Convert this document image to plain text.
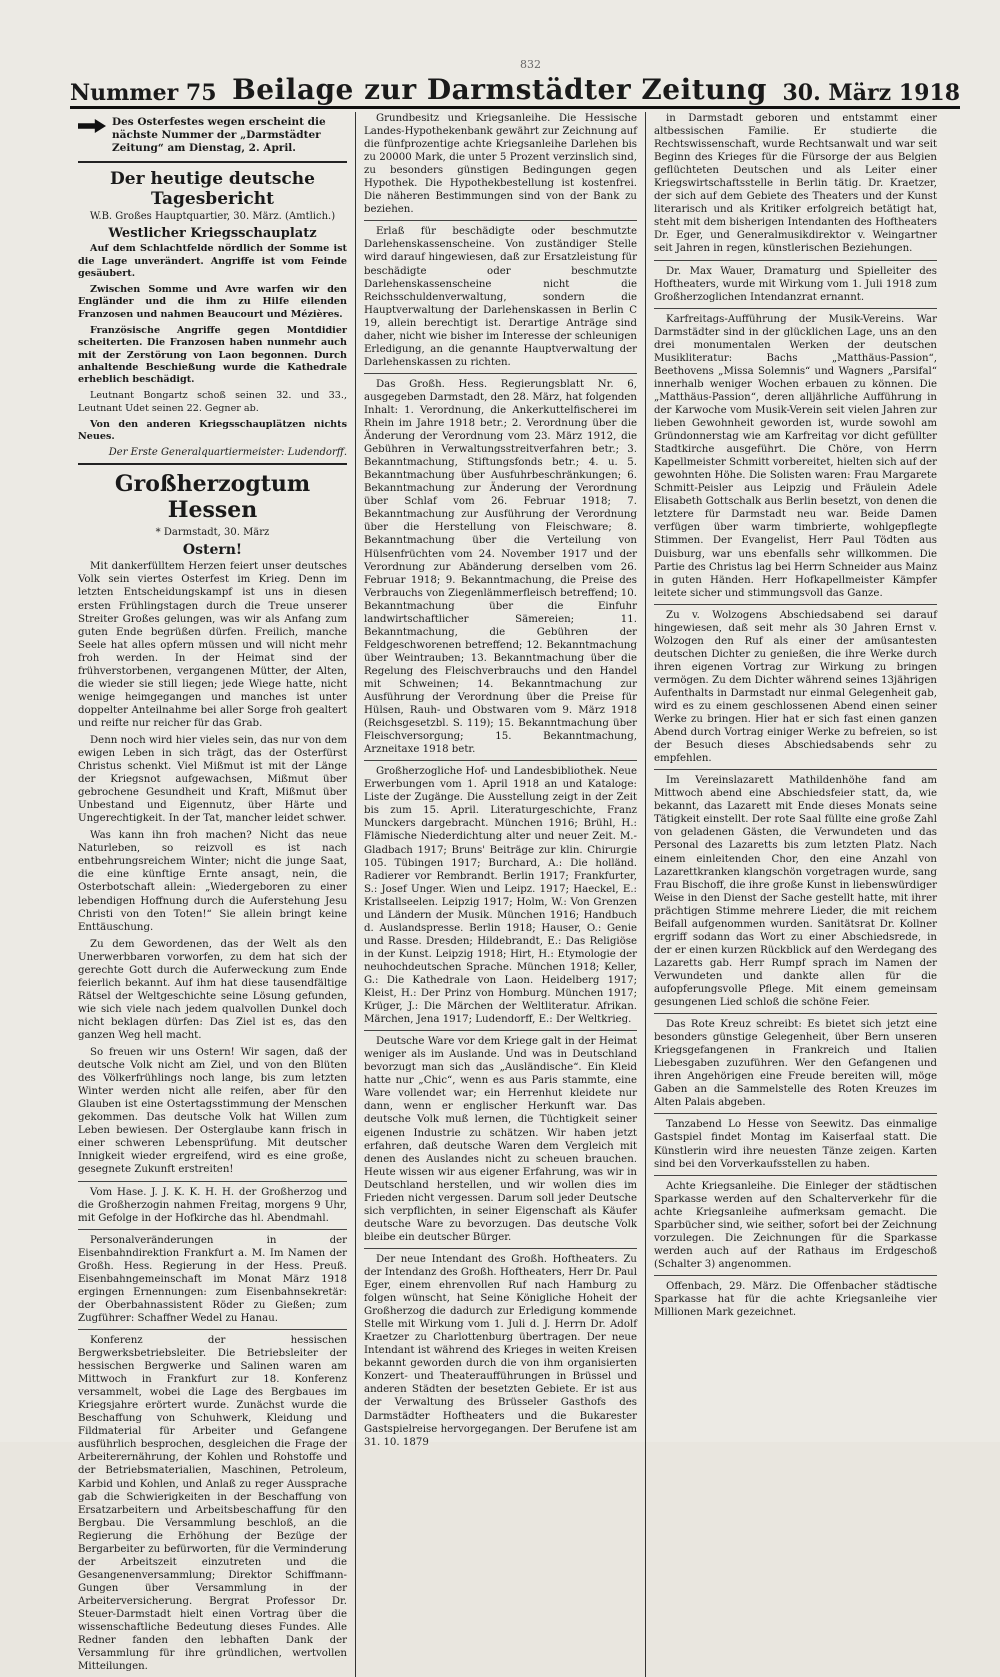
832
Nummer 75 Beilage zur Darmstädter Zeitung 30. März 1918
Des Osterfestes wegen erscheint die nächste Nummer der „Darmstädter Zeitung“ am Dienstag, 2. April.
Der heutige deutsche Tagesbericht
W.B. Großes Hauptquartier, 30. März. (Amtlich.)
Westlicher Kriegsschauplatz

Auf dem Schlachtfelde nördlich der Somme ist die Lage unverändert. Angriffe ist vom Feinde gesäubert.

Zwischen Somme und Avre warfen wir den Engländer und die ihm zu Hilfe eilenden Franzosen und nahmen Beaucourt und Mézières.

Französische Angriffe gegen Montdidier scheiterten. Die Franzosen haben nunmehr auch mit der Zerstörung von Laon begonnen. Durch anhaltende Beschießung wurde die Kathedrale erheblich beschädigt.

Leutnant Bongartz schoß seinen 32. und 33., Leutnant Udet seinen 22. Gegner ab.

Von den anderen Kriegsschauplätzen nichts Neues.

Der Erste Generalquartiermeister: Ludendorff.
Großherzogtum Hessen
* Darmstadt, 30. März
Ostern!

Mit dankerfülltem Herzen feiert unser deutsches Volk sein viertes Osterfest im Krieg. Denn im letzten Entscheidungskampf ist uns in diesen ersten Frühlingstagen durch die Treue unserer Streiter Großes gelungen, was wir als Anfang zum guten Ende begrüßen dürfen. Freilich, manche Seele hat alles opfern müssen und will nicht mehr froh werden. In der Heimat sind der frühverstorbenen, vergangenen Mütter, der Alten, die wieder sie still liegen; jede Wiege hatte, nicht wenige heimgegangen und manches ist unter doppelter Anteilnahme bei aller Sorge froh gealtert und reifte nur reicher für das Grab.

Denn noch wird hier vieles sein, das nur von dem ewigen Leben in sich trägt, das der Osterfürst Christus schenkt. Viel Mißmut ist mit der Länge der Kriegsnot aufgewachsen, Mißmut über gebrochene Gesundheit und Kraft, Mißmut über Unbestand und Eigennutz, über Härte und Ungerechtigkeit. In der Tat, mancher leidet schwer.

Was kann ihn froh machen? Nicht das neue Naturleben, so reizvoll es ist nach entbehrungsreichem Winter; nicht die junge Saat, die eine künftige Ernte ansagt, nein, die Osterbotschaft allein: „Wiedergeboren zu einer lebendigen Hoffnung durch die Auferstehung Jesu Christi von den Toten!“ Sie allein bringt keine Enttäuschung.

Zu dem Gewordenen, das der Welt als den Unerwerbbaren vorworfen, zu dem hat sich der gerechte Gott durch die Auferweckung zum Ende feierlich bekannt. Auf ihm hat diese tausendfältige Rätsel der Weltgeschichte seine Lösung gefunden, wie sich viele nach jedem qualvollen Dunkel doch nicht beklagen dürfen: Das Ziel ist es, das den ganzen Weg hell macht.

So freuen wir uns Ostern! Wir sagen, daß der deutsche Volk nicht am Ziel, und von den Blüten des Völkerfrühlings noch lange, bis zum letzten Winter werden nicht alle reifen, aber für den Glauben ist eine Ostertagsstimmung der Menschen gekommen. Das deutsche Volk hat Willen zum Leben bewiesen. Der Osterglaube kann frisch in einer schweren Lebensprüfung. Mit deutscher Innigkeit wieder ergreifend, wird es eine große, gesegnete Zukunft erstreiten!

Vom Hase. J. J. K. K. H. H. der Großherzog und die Großherzogin nahmen Freitag, morgens 9 Uhr, mit Gefolge in der Hofkirche das hl. Abendmahl.

Personalveränderungen in der Eisenbahndirektion Frankfurt a. M. Im Namen der Großh. Hess. Regierung in der Hess. Preuß. Eisenbahngemeinschaft im Monat März 1918 ergingen Ernennungen: zum Eisenbahnsekretär: der Oberbahnassistent Röder zu Gießen; zum Zugführer: Schaffner Wedel zu Hanau.

Konferenz der hessischen Bergwerksbetriebsleiter. Die Betriebsleiter der hessischen Bergwerke und Salinen waren am Mittwoch in Frankfurt zur 18. Konferenz versammelt, wobei die Lage des Bergbaues im Kriegsjahre erörtert wurde. Zunächst wurde die Beschaffung von Schuhwerk, Kleidung und Fildmaterial für Arbeiter und Gefangene ausführlich besprochen, desgleichen die Frage der Arbeiterernährung, der Kohlen und Rohstoffe und der Betriebsmaterialien, Maschinen, Petroleum, Karbid und Kohlen, und Anlaß zu reger Aussprache gab die Schwierigkeiten in der Beschaffung von Ersatzarbeitern und Arbeitsbeschaffung für den Bergbau. Die Versammlung beschloß, an die Regierung die Erhöhung der Bezüge der Bergarbeiter zu befürworten, für die Verminderung der Arbeitszeit einzutreten und die Gesangenenversammlung; Direktor Schiffmann-Gungen über Versammlung in der Arbeiterversicherung. Bergrat Professor Dr. Steuer-Darmstadt hielt einen Vortrag über die wissenschaftliche Bedeutung dieses Fundes. Alle Redner fanden den lebhaften Dank der Versammlung für ihre gründlichen, wertvollen Mitteilungen.

Grundbesitz und Kriegsanleihe. Die Hessische Landes-Hypothekenbank gewährt zur Zeichnung auf die fünfprozentige achte Kriegsanleihe Darlehen bis zu 20000 Mark, die unter 5 Prozent verzinslich sind, zu besonders günstigen Bedingungen gegen Hypothek. Die Hypothekbestellung ist kostenfrei. Die näheren Bestimmungen sind von der Bank zu beziehen.

Erlaß für beschädigte oder beschmutzte Darlehenskassenscheine. Von zuständiger Stelle wird darauf hingewiesen, daß zur Ersatzleistung für beschädigte oder beschmutzte Darlehenskassenscheine nicht die Reichsschuldenverwaltung, sondern die Hauptverwaltung der Darlehenskassen in Berlin C 19, allein berechtigt ist. Derartige Anträge sind daher, nicht wie bisher im Interesse der schleunigen Erledigung, an die genannte Hauptverwaltung der Darlehenskassen zu richten.

Das Großh. Hess. Regierungsblatt Nr. 6, ausgegeben Darmstadt, den 28. März, hat folgenden Inhalt: 1. Verordnung, die Ankerkuttelfischerei im Rhein im Jahre 1918 betr.; 2. Verordnung über die Änderung der Verordnung vom 23. März 1912, die Gebühren in Verwaltungsstreitverfahren betr.; 3. Bekanntmachung, Stiftungsfonds betr.; 4. u. 5. Bekanntmachung über Ausfuhrbeschränkungen; 6. Bekanntmachung zur Änderung der Verordnung über Schlaf vom 26. Februar 1918; 7. Bekanntmachung zur Ausführung der Verordnung über die Herstellung von Fleischware; 8. Bekanntmachung über die Verteilung von Hülsenfrüchten vom 24. November 1917 und der Verordnung zur Abänderung derselben vom 26. Februar 1918; 9. Bekanntmachung, die Preise des Verbrauchs von Ziegenlämmerfleisch betreffend; 10. Bekanntmachung über die Einfuhr landwirtschaftlicher Sämereien; 11. Bekanntmachung, die Gebühren der Feldgeschworenen betreffend; 12. Bekanntmachung über Weintrauben; 13. Bekanntmachung über die Regelung des Fleischverbrauchs und den Handel mit Schweinen; 14. Bekanntmachung zur Ausführung der Verordnung über die Preise für Hülsen, Rauh- und Obstwaren vom 9. März 1918 (Reichsgesetzbl. S. 119); 15. Bekanntmachung über Fleischversorgung; 15. Bekanntmachung, Arzneitaxe 1918 betr.

Großherzogliche Hof- und Landesbibliothek. Neue Erwerbungen vom 1. April 1918 an und Kataloge: Liste der Zugänge. Die Ausstellung zeigt in der Zeit bis zum 15. April. Literaturgeschichte, Franz Munckers dargebracht. München 1916; Brühl, H.: Flämische Niederdichtung alter und neuer Zeit. M.-Gladbach 1917; Bruns' Beiträge zur klin. Chirurgie 105. Tübingen 1917; Burchard, A.: Die holländ. Radierer vor Rembrandt. Berlin 1917; Frankfurter, S.: Josef Unger. Wien und Leipz. 1917; Haeckel, E.: Kristallseelen. Leipzig 1917; Holm, W.: Von Grenzen und Ländern der Musik. München 1916; Handbuch d. Auslandspresse. Berlin 1918; Hauser, O.: Genie und Rasse. Dresden; Hildebrandt, E.: Das Religiöse in der Kunst. Leipzig 1918; Hirt, H.: Etymologie der neuhochdeutschen Sprache. München 1918; Keller, G.: Die Kathedrale von Laon. Heidelberg 1917; Kleist, H.: Der Prinz von Homburg. München 1917; Krüger, J.: Die Märchen der Weltliteratur. Afrikan. Märchen, Jena 1917; Ludendorff, E.: Der Weltkrieg.

Deutsche Ware vor dem Kriege galt in der Heimat weniger als im Auslande. Und was in Deutschland bevorzugt man sich das „Ausländische“. Ein Kleid hatte nur „Chic“, wenn es aus Paris stammte, eine Ware vollendet war; ein Herrenhut kleidete nur dann, wenn er englischer Herkunft war. Das deutsche Volk muß lernen, die Tüchtigkeit seiner eigenen Industrie zu schätzen. Wir haben jetzt erfahren, daß deutsche Waren dem Vergleich mit denen des Auslandes nicht zu scheuen brauchen. Heute wissen wir aus eigener Erfahrung, was wir in Deutschland herstellen, und wir wollen dies im Frieden nicht vergessen. Darum soll jeder Deutsche sich verpflichten, in seiner Eigenschaft als Käufer deutsche Ware zu bevorzugen. Das deutsche Volk bleibe ein deutscher Bürger.

Der neue Intendant des Großh. Hoftheaters. Zu der Intendanz des Großh. Hoftheaters, Herr Dr. Paul Eger, einem ehrenvollen Ruf nach Hamburg zu folgen wünscht, hat Seine Königliche Hoheit der Großherzog die dadurch zur Erledigung kommende Stelle mit Wirkung vom 1. Juli d. J. Herrn Dr. Adolf Kraetzer zu Charlottenburg übertragen. Der neue Intendant ist während des Krieges in weiten Kreisen bekannt geworden durch die von ihm organisierten Konzert- und Theateraufführungen in Brüssel und anderen Städten der besetzten Gebiete. Er ist aus der Verwaltung des Brüsseler Gasthofs des Darmstädter Hoftheaters und die Bukarester Gastspielreise hervorgegangen. Der Berufene ist am 31. 10. 1879

in Darmstadt geboren und entstammt einer altbessischen Familie. Er studierte die Rechtswissenschaft, wurde Rechtsanwalt und war seit Beginn des Krieges für die Fürsorge der aus Belgien geflüchteten Deutschen und als Leiter einer Kriegswirtschaftsstelle in Berlin tätig. Dr. Kraetzer, der sich auf dem Gebiete des Theaters und der Kunst literarisch und als Kritiker erfolgreich betätigt hat, steht mit dem bisherigen Intendanten des Hoftheaters Dr. Eger, und Generalmusikdirektor v. Weingartner seit Jahren in regen, künstlerischen Beziehungen.

Dr. Max Wauer, Dramaturg und Spielleiter des Hoftheaters, wurde mit Wirkung vom 1. Juli 1918 zum Großherzoglichen Intendanzrat ernannt.

Karfreitags-Aufführung der Musik-Vereins. War Darmstädter sind in der glücklichen Lage, uns an den drei monumentalen Werken der deutschen Musikliteratur: Bachs „Matthäus-Passion“, Beethovens „Missa Solemnis“ und Wagners „Parsifal“ innerhalb weniger Wochen erbauen zu können. Die „Matthäus-Passion“, deren alljährliche Aufführung in der Karwoche vom Musik-Verein seit vielen Jahren zur lieben Gewohnheit geworden ist, wurde sowohl am Gründonnerstag wie am Karfreitag vor dicht gefüllter Stadtkirche ausgeführt. Die Chöre, von Herrn Kapellmeister Schmitt vorbereitet, hielten sich auf der gewohnten Höhe. Die Solisten waren: Frau Margarete Schmitt-Peisler aus Leipzig und Fräulein Adele Elisabeth Gottschalk aus Berlin besetzt, von denen die letztere für Darmstadt neu war. Beide Damen verfügen über warm timbrierte, wohlgepflegte Stimmen. Der Evangelist, Herr Paul Tödten aus Duisburg, war uns ebenfalls sehr willkommen. Die Partie des Christus lag bei Herrn Schneider aus Mainz in guten Händen. Herr Hofkapellmeister Kämpfer leitete sicher und stimmungsvoll das Ganze.

Zu v. Wolzogens Abschiedsabend sei darauf hingewiesen, daß seit mehr als 30 Jahren Ernst v. Wolzogen den Ruf als einer der amüsantesten deutschen Dichter zu genießen, die ihre Werke durch ihren eigenen Vortrag zur Wirkung zu bringen vermögen. Zu dem Dichter während seines 13jährigen Aufenthalts in Darmstadt nur einmal Gelegenheit gab, wird es zu einem geschlossenen Abend einen seiner Werke zu bringen. Hier hat er sich fast einen ganzen Abend durch Vortrag einiger Werke zu befreien, so ist der Besuch dieses Abschiedsabends sehr zu empfehlen.

Im Vereinslazarett Mathildenhöhe fand am Mittwoch abend eine Abschiedsfeier statt, da, wie bekannt, das Lazarett mit Ende dieses Monats seine Tätigkeit einstellt. Der rote Saal füllte eine große Zahl von geladenen Gästen, die Verwundeten und das Personal des Lazaretts bis zum letzten Platz. Nach einem einleitenden Chor, den eine Anzahl von Lazarettkranken klangschön vorgetragen wurde, sang Frau Bischoff, die ihre große Kunst in liebenswürdiger Weise in den Dienst der Sache gestellt hatte, mit ihrer prächtigen Stimme mehrere Lieder, die mit reichem Beifall aufgenommen wurden. Sanitätsrat Dr. Kollner ergriff sodann das Wort zu einer Abschiedsrede, in der er einen kurzen Rückblick auf den Werdegang des Lazaretts gab. Herr Rumpf sprach im Namen der Verwundeten und dankte allen für die aufopferungsvolle Pflege. Mit einem gemeinsam gesungenen Lied schloß die schöne Feier.

Das Rote Kreuz schreibt: Es bietet sich jetzt eine besonders günstige Gelegenheit, über Bern unseren Kriegsgefangenen in Frankreich und Italien Liebesgaben zuzuführen. Wer den Gefangenen und ihren Angehörigen eine Freude bereiten will, möge Gaben an die Sammelstelle des Roten Kreuzes im Alten Palais abgeben.

Tanzabend Lo Hesse von Seewitz. Das einmalige Gastspiel findet Montag im Kaiserfaal statt. Die Künstlerin wird ihre neuesten Tänze zeigen. Karten sind bei den Vorverkaufsstellen zu haben.

Achte Kriegsanleihe. Die Einleger der städtischen Sparkasse werden auf den Schalterverkehr für die achte Kriegsanleihe aufmerksam gemacht. Die Sparbücher sind, wie seither, sofort bei der Zeichnung vorzulegen. Die Zeichnungen für die Sparkasse werden auch auf der Rathaus im Erdgeschoß (Schalter 3) angenommen.

Offenbach, 29. März. Die Offenbacher städtische Sparkasse hat für die achte Kriegsanleihe vier Millionen Mark gezeichnet.
